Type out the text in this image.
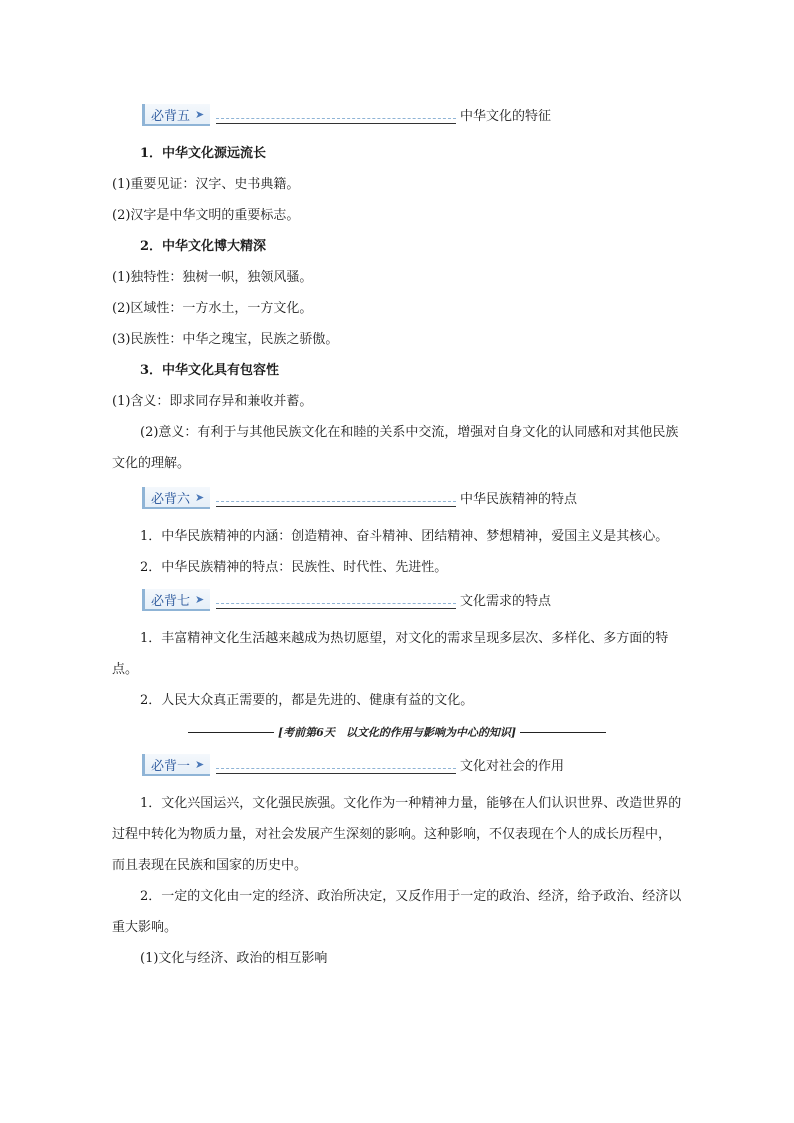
必背五 ➤	中华文化的特征

1．中华文化源远流长

(1)重要见证：汉字、史书典籍。

(2)汉字是中华文明的重要标志。

2．中华文化博大精深

(1)独特性：独树一帜，独领风骚。

(2)区域性：一方水土，一方文化。

(3)民族性：中华之瑰宝，民族之骄傲。

3．中华文化具有包容性

(1)含义：即求同存异和兼收并蓄。

(2)意义：有利于与其他民族文化在和睦的关系中交流，增强对自身文化的认同感和对其他民族文化的理解。

必背六 ➤	中华民族精神的特点

1．中华民族精神的内涵：创造精神、奋斗精神、团结精神、梦想精神，爱国主义是其核心。

2．中华民族精神的特点：民族性、时代性、先进性。

必背七 ➤	文化需求的特点

1．丰富精神文化生活越来越成为热切愿望，对文化的需求呈现多层次、多样化、多方面的特点。

2．人民大众真正需要的，都是先进的、健康有益的文化。

[考前第6天　以文化的作用与影响为中心的知识]
必背一 ➤	文化对社会的作用

1．文化兴国运兴，文化强民族强。文化作为一种精神力量，能够在人们认识世界、改造世界的过程中转化为物质力量，对社会发展产生深刻的影响。这种影响，不仅表现在个人的成长历程中，而且表现在民族和国家的历史中。

2．一定的文化由一定的经济、政治所决定，又反作用于一定的政治、经济，给予政治、经济以重大影响。

(1)文化与经济、政治的相互影响
